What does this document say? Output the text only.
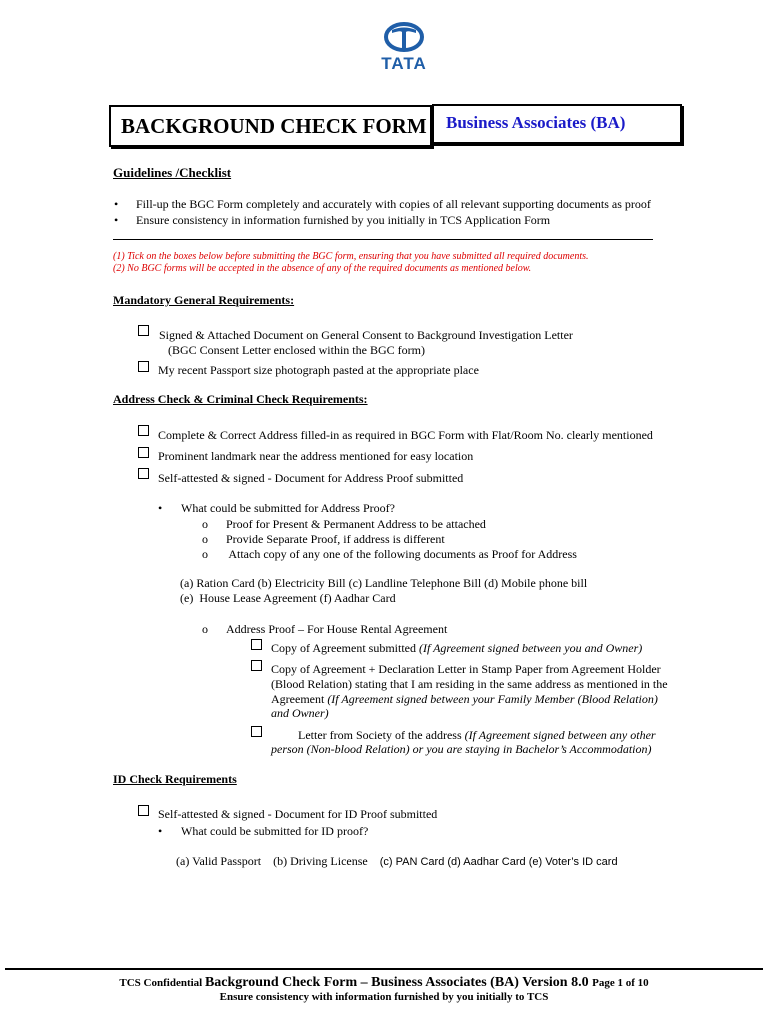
TATA
BACKGROUND CHECK FORM Business Associates (BA)
Guidelines /Checklist
• Fill-up the BGC Form completely and accurately with copies of all relevant supporting documents as proof
• Ensure consistency in information furnished by you initially in TCS Application Form
(1) Tick on the boxes below before submitting the BGC form, ensuring that you have submitted all required documents.
(2) No BGC forms will be accepted in the absence of any of the required documents as mentioned below.
Mandatory General Requirements:
Signed & Attached Document on General Consent to Background Investigation Letter
(BGC Consent Letter enclosed within the BGC form)
My recent Passport size photograph pasted at the appropriate place
Address Check & Criminal Check Requirements:
Complete & Correct Address filled-in as required in BGC Form with Flat/Room No. clearly mentioned
Prominent landmark near the address mentioned for easy location
Self-attested & signed - Document for Address Proof submitted
• What could be submitted for Address Proof?
o Proof for Present & Permanent Address to be attached
o Provide Separate Proof, if address is different
o Attach copy of any one of the following documents as Proof for Address
(a) Ration Card (b) Electricity Bill (c) Landline Telephone Bill (d) Mobile phone bill
(e)  House Lease Agreement (f) Aadhar Card
o Address Proof – For House Rental Agreement
Copy of Agreement submitted (If Agreement signed between you and Owner)
Copy of Agreement + Declaration Letter in Stamp Paper from Agreement Holder
(Blood Relation) stating that I am residing in the same address as mentioned in the
Agreement (If Agreement signed between your Family Member (Blood Relation)
and Owner)
Letter from Society of the address (If Agreement signed between any other
person (Non-blood Relation) or you are staying in Bachelor’s Accommodation)
ID Check Requirements
Self-attested & signed - Document for ID Proof submitted
• What could be submitted for ID proof?
(a) Valid Passport    (b) Driving License    (c) PAN Card (d) Aadhar Card (e) Voter’s ID card
TCS Confidential Background Check Form – Business Associates (BA) Version 8.0 Page 1 of 10
Ensure consistency with information furnished by you initially to TCS
